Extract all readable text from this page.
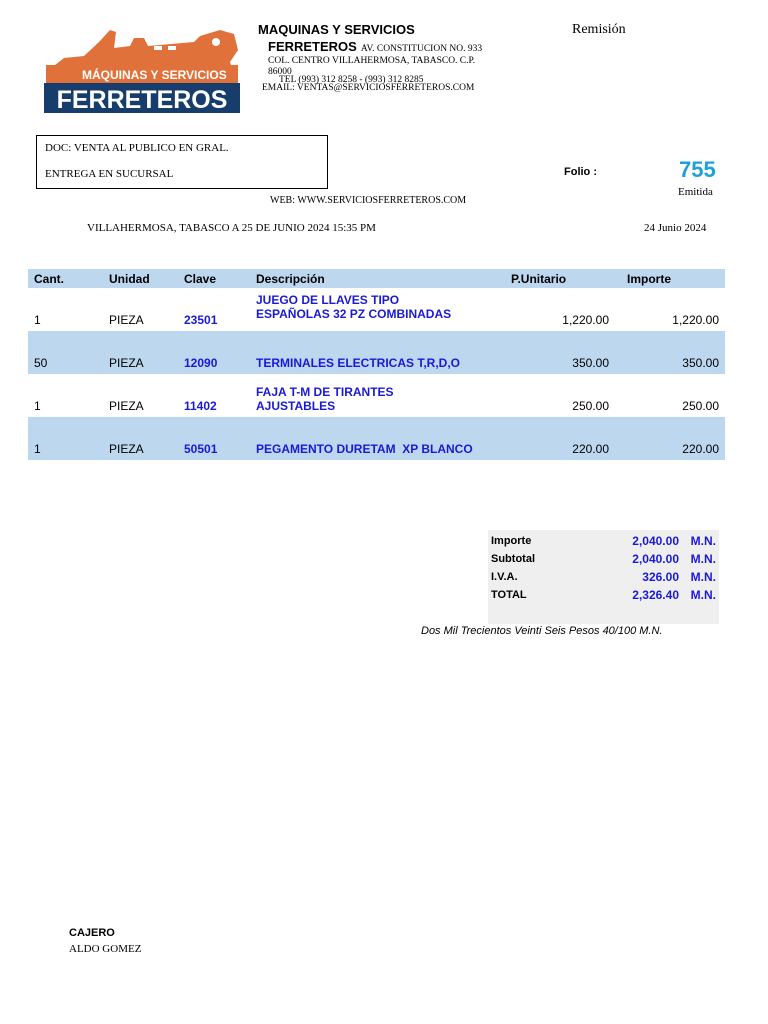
MÁQUINAS Y SERVICIOS
FERRETEROS
MAQUINAS Y SERVICIOS
FERRETEROS AV. CONSTITUCION NO. 933
COL. CENTRO VILLAHERMOSA, TABASCO. C.P.
86000
TEL (993) 312 8258 - (993) 312 8285
EMAIL: VENTAS@SERVICIOSFERRETEROS.COM
Remisión
DOC: VENTA AL PUBLICO EN GRAL.
ENTREGA EN SUCURSAL	Folio :	755
Emitida
WEB: WWW.SERVICIOSFERRETEROS.COM
VILLAHERMOSA, TABASCO A 25 DE JUNIO 2024 15:35 PM	24 Junio 2024
Cant.	Unidad	Clave	Descripción	P.Unitario	Importe
1	PIEZA	23501	JUEGO DE LLAVES TIPO
ESPAÑOLAS 32 PZ COMBINADAS	1,220.00	1,220.00
50	PIEZA	12090	TERMINALES ELECTRICAS T,R,D,O	350.00	350.00
1	PIEZA	11402	FAJA T-M DE TIRANTES
AJUSTABLES	250.00	250.00
1	PIEZA	50501	PEGAMENTO DURETAM  XP BLANCO	220.00	220.00
Importe	2,040.00 M.N.
Subtotal	2,040.00 M.N.
I.V.A.	326.00 M.N.
TOTAL	2,326.40 M.N.
Dos Mil Trecientos Veinti Seis Pesos 40/100 M.N.
CAJERO
ALDO GOMEZ
